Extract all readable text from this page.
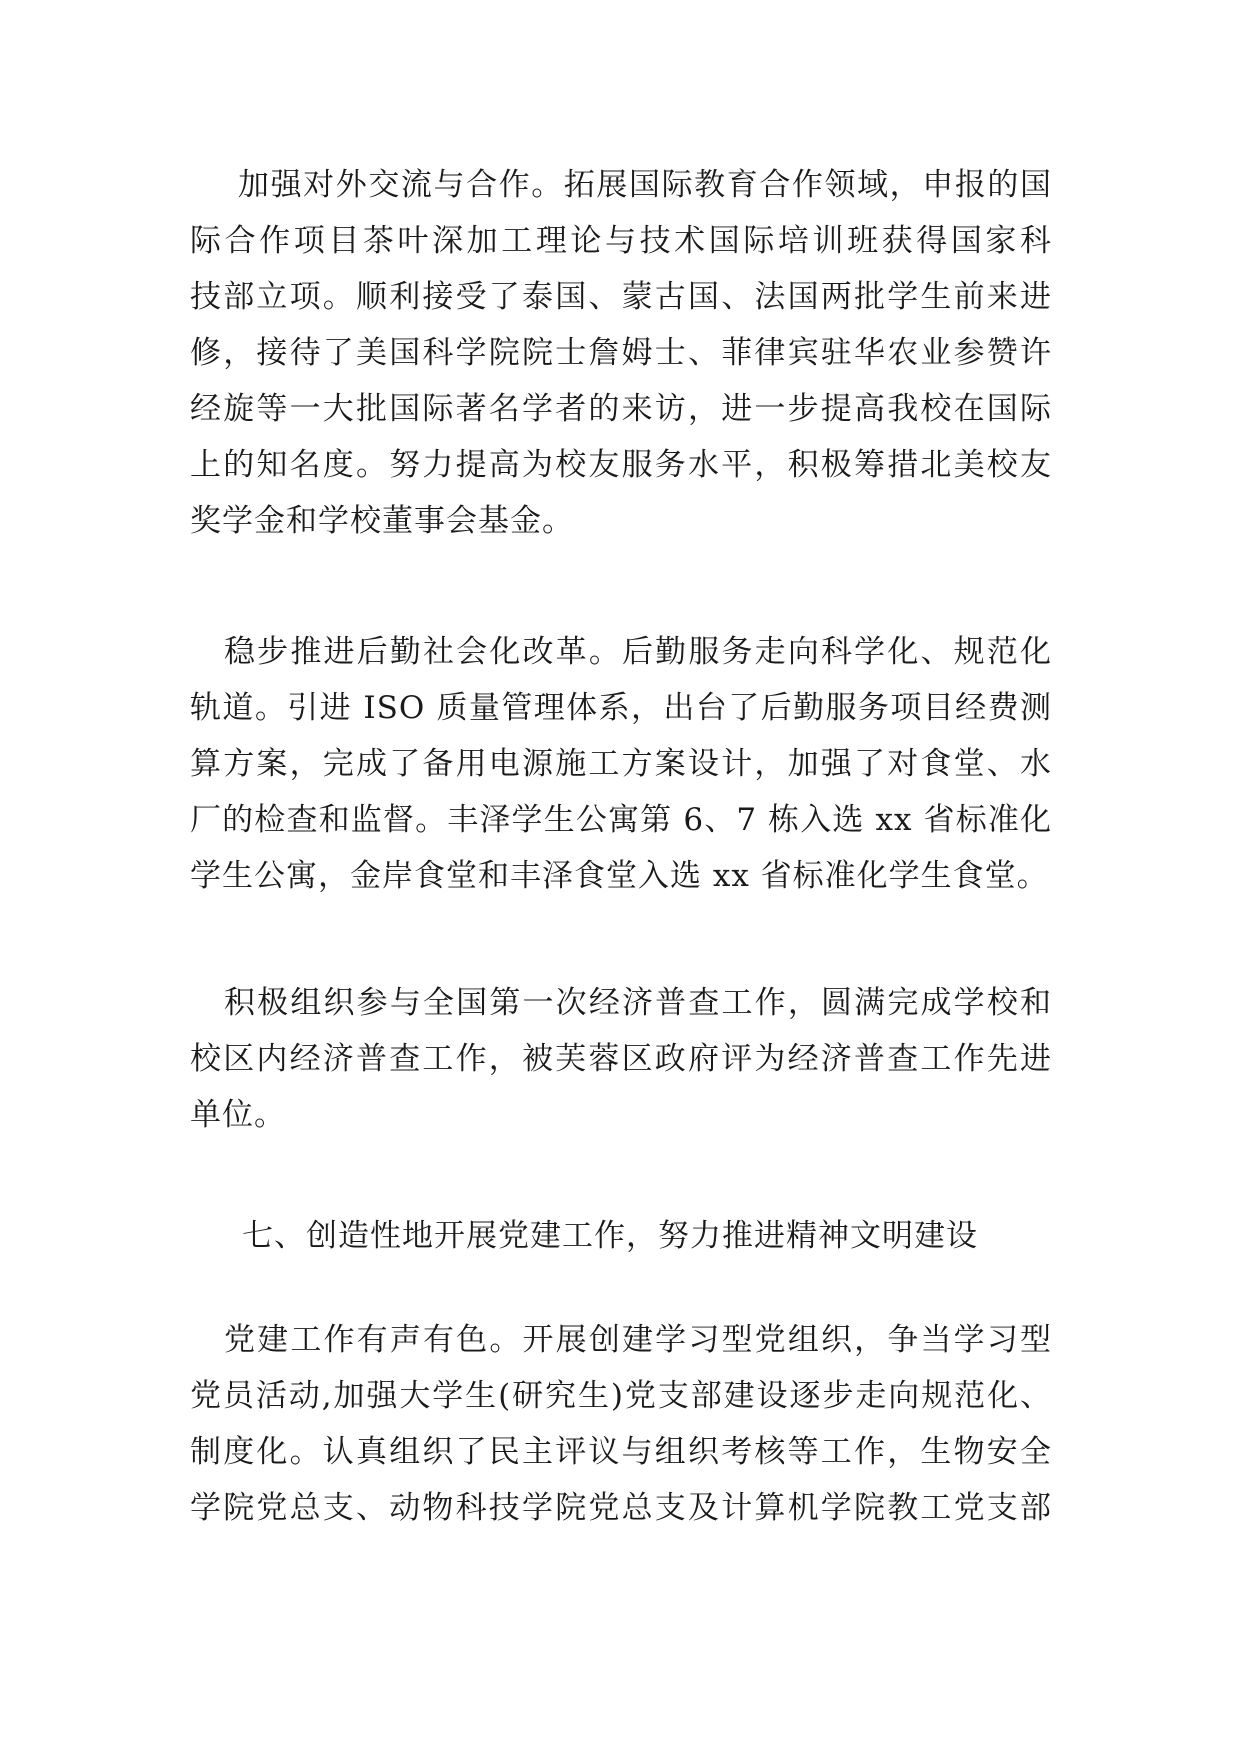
加强对外交流与合作。拓展国际教育合作领域，申报的国
际合作项目茶叶深加工理论与技术国际培训班获得国家科
技部立项。顺利接受了泰国、蒙古国、法国两批学生前来进
修，接待了美国科学院院士詹姆士、菲律宾驻华农业参赞许
经旋等一大批国际著名学者的来访，进一步提高我校在国际
上的知名度。努力提高为校友服务水平，积极筹措北美校友
奖学金和学校董事会基金。
稳步推进后勤社会化改革。后勤服务走向科学化、规范化
轨道。引进 ISO 质量管理体系，出台了后勤服务项目经费测
算方案，完成了备用电源施工方案设计，加强了对食堂、水
厂的检查和监督。丰泽学生公寓第 6、7 栋入选 xx 省标准化
学生公寓，金岸食堂和丰泽食堂入选 xx 省标准化学生食堂。
积极组织参与全国第一次经济普查工作，圆满完成学校和
校区内经济普查工作，被芙蓉区政府评为经济普查工作先进
单位。
七、创造性地开展党建工作，努力推进精神文明建设
党建工作有声有色。开展创建学习型党组织，争当学习型
党员活动,加强大学生(研究生)党支部建设逐步走向规范化、
制度化。认真组织了民主评议与组织考核等工作，生物安全
学院党总支、动物科技学院党总支及计算机学院教工党支部
